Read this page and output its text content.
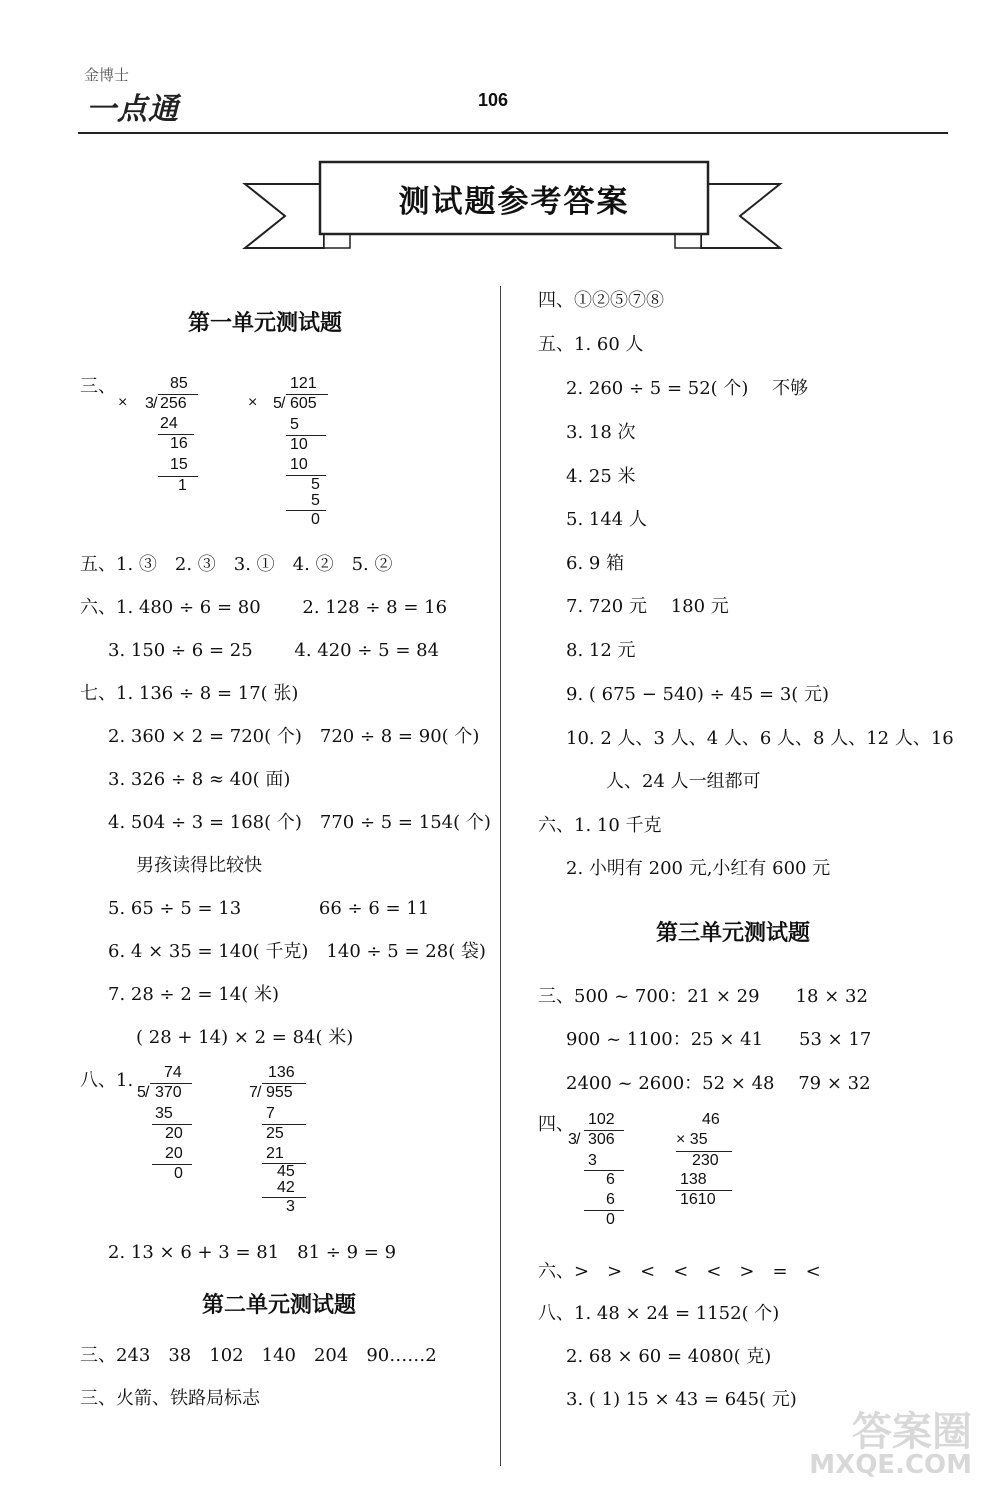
金博士
一点通	106
测试题参考答案
第一单元测试题
三、
×	×
85
3 / 256
24
16
15
1
121
5 / 605
5
10
10
5
5
0
五、1. ③　2. ③　3. ①　4. ②　5. ②
六、1. 480 ÷ 6 = 80　　 2. 128 ÷ 8 = 16
3. 150 ÷ 6 = 25　　 4. 420 ÷ 5 = 84
七、1. 136 ÷ 8 = 17( 张)
2. 360 × 2 = 720( 个)　720 ÷ 8 = 90( 个)
3. 326 ÷ 8 ≈ 40( 面)
4. 504 ÷ 3 = 168( 个)　770 ÷ 5 = 154( 个)
男孩读得比较快
5. 65 ÷ 5 = 13　　　　 66 ÷ 6 = 11
6. 4 × 35 = 140( 千克)　140 ÷ 5 = 28( 袋)
7. 28 ÷ 2 = 14( 米)
( 28 + 14) × 2 = 84( 米)
八、1. 74
5 / 370
35
20
20
0
136
7 / 955
7
25
21
45
42
3
2. 13 × 6 + 3 = 81　81 ÷ 9 = 9
第二单元测试题
三、243　38　102　140　204　90……2
三、火箭、铁路局标志
四、①②⑤⑦⑧
五、1. 60 人
2. 260 ÷ 5 = 52( 个)　 不够
3. 18 次
4. 25 米
5. 144 人
6. 9 箱
7. 720 元　 180 元
8. 12 元
9. ( 675 − 540) ÷ 45 = 3( 元)
10. 2 人、3 人、4 人、6 人、8 人、12 人、16
人、24 人一组都可
六、1. 10 千克
2. 小明有 200 元,小红有 600 元
第三单元测试题
三、500 ~ 700：21 × 29　　18 × 32
900 ~ 1100：25 × 41　　53 × 17
2400 ~ 2600：52 × 48　 79 × 32
四、 102
3 / 306
3
6
6
0
46
× 35
230
138
1610
六、>　>　<　<　<　>　=　<
八、1. 48 × 24 = 1152( 个)
2. 68 × 60 = 4080( 克)
3. ( 1) 15 × 43 = 645( 元)
答案圈
MXQE.COM
